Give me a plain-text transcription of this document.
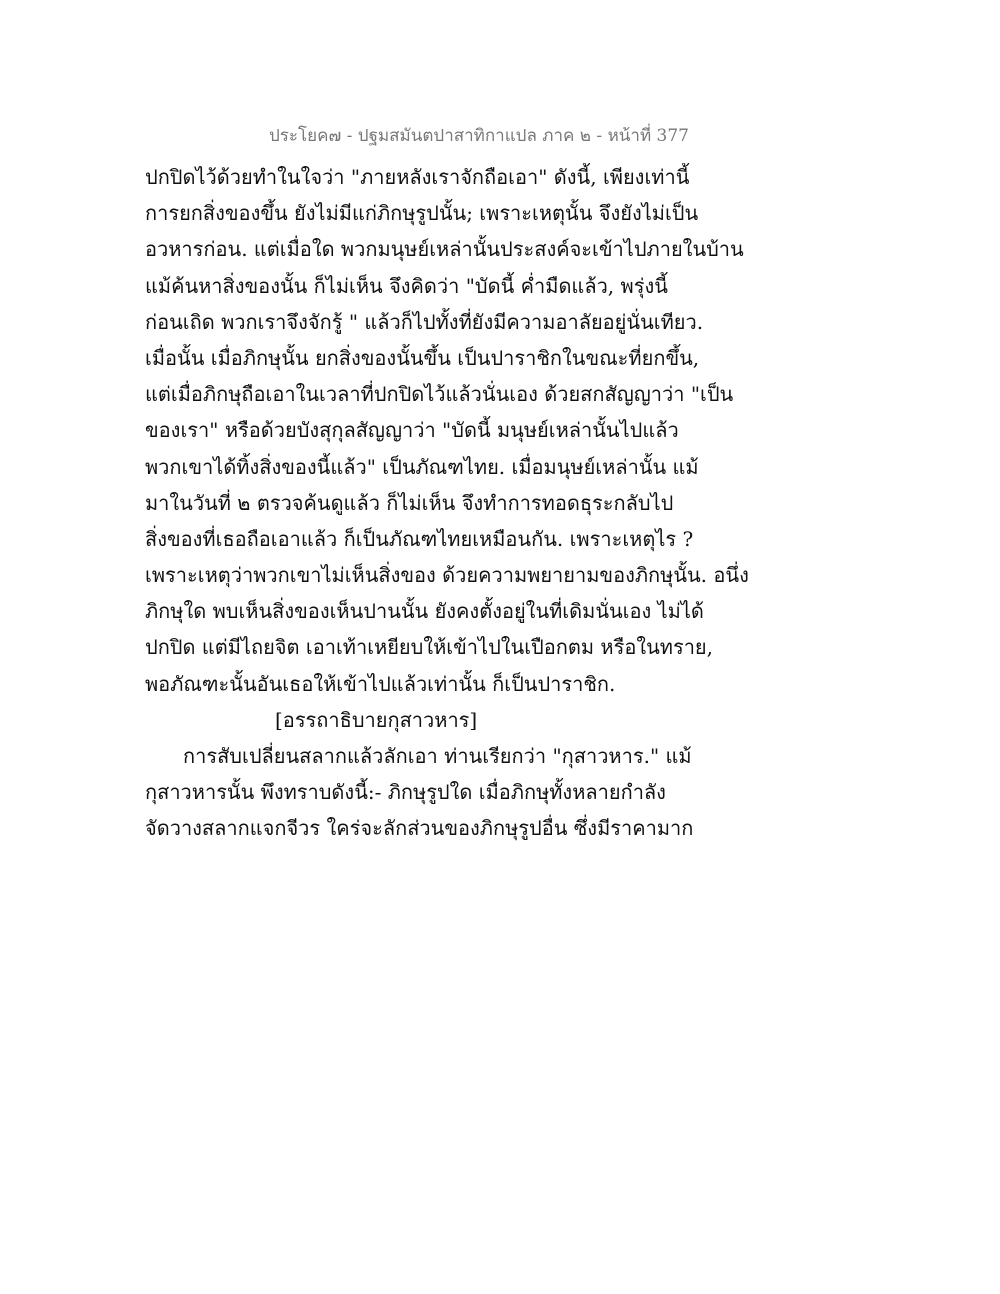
ประโยค๗ - ปฐมสมันตปาสาทิกาแปล ภาค ๒ - หน้าที่ 377
ปกปิดไว้ด้วยทำในใจว่า "ภายหลังเราจักถือเอา" ดังนี้, เพียงเท่านี้
การยกสิ่งของขึ้น ยังไม่มีแก่ภิกษุรูปนั้น; เพราะเหตุนั้น จึงยังไม่เป็น
อวหารก่อน. แต่เมื่อใด พวกมนุษย์เหล่านั้นประสงค์จะเข้าไปภายในบ้าน
แม้ค้นหาสิ่งของนั้น ก็ไม่เห็น จึงคิดว่า "บัดนี้ ค่ำมืดแล้ว, พรุ่งนี้
ก่อนเถิด พวกเราจึงจักรู้ " แล้วก็ไปทั้งที่ยังมีความอาลัยอยู่นั่นเทียว.
เมื่อนั้น เมื่อภิกษุนั้น ยกสิ่งของนั้นขึ้น เป็นปาราชิกในขณะที่ยกขึ้น,
แต่เมื่อภิกษุถือเอาในเวลาที่ปกปิดไว้แล้วนั่นเอง ด้วยสกสัญญาว่า "เป็น
ของเรา" หรือด้วยบังสุกุลสัญญาว่า "บัดนี้ มนุษย์เหล่านั้นไปแล้ว
พวกเขาได้ทิ้งสิ่งของนี้แล้ว" เป็นภัณฑไทย. เมื่อมนุษย์เหล่านั้น แม้
มาในวันที่ ๒ ตรวจค้นดูแล้ว ก็ไม่เห็น จึงทำการทอดธุระกลับไป
สิ่งของที่เธอถือเอาแล้ว ก็เป็นภัณฑไทยเหมือนกัน. เพราะเหตุไร ?
เพราะเหตุว่าพวกเขาไม่เห็นสิ่งของ ด้วยความพยายามของภิกษุนั้น. อนึ่ง
ภิกษุใด พบเห็นสิ่งของเห็นปานนั้น ยังคงตั้งอยู่ในที่เดิมนั่นเอง ไม่ได้
ปกปิด แต่มีไถยจิต เอาเท้าเหยียบให้เข้าไปในเปือกตม หรือในทราย,
พอภัณฑะนั้นอันเธอให้เข้าไปแล้วเท่านั้น ก็เป็นปาราชิก.
[อรรถาธิบายกุสาวหาร]
การสับเปลี่ยนสลากแล้วลักเอา ท่านเรียกว่า "กุสาวหาร." แม้
กุสาวหารนั้น พึงทราบดังนี้:- ภิกษุรูปใด เมื่อภิกษุทั้งหลายกำลัง
จัดวางสลากแจกจีวร ใคร่จะลักส่วนของภิกษุรูปอื่น ซึ่งมีราคามาก
